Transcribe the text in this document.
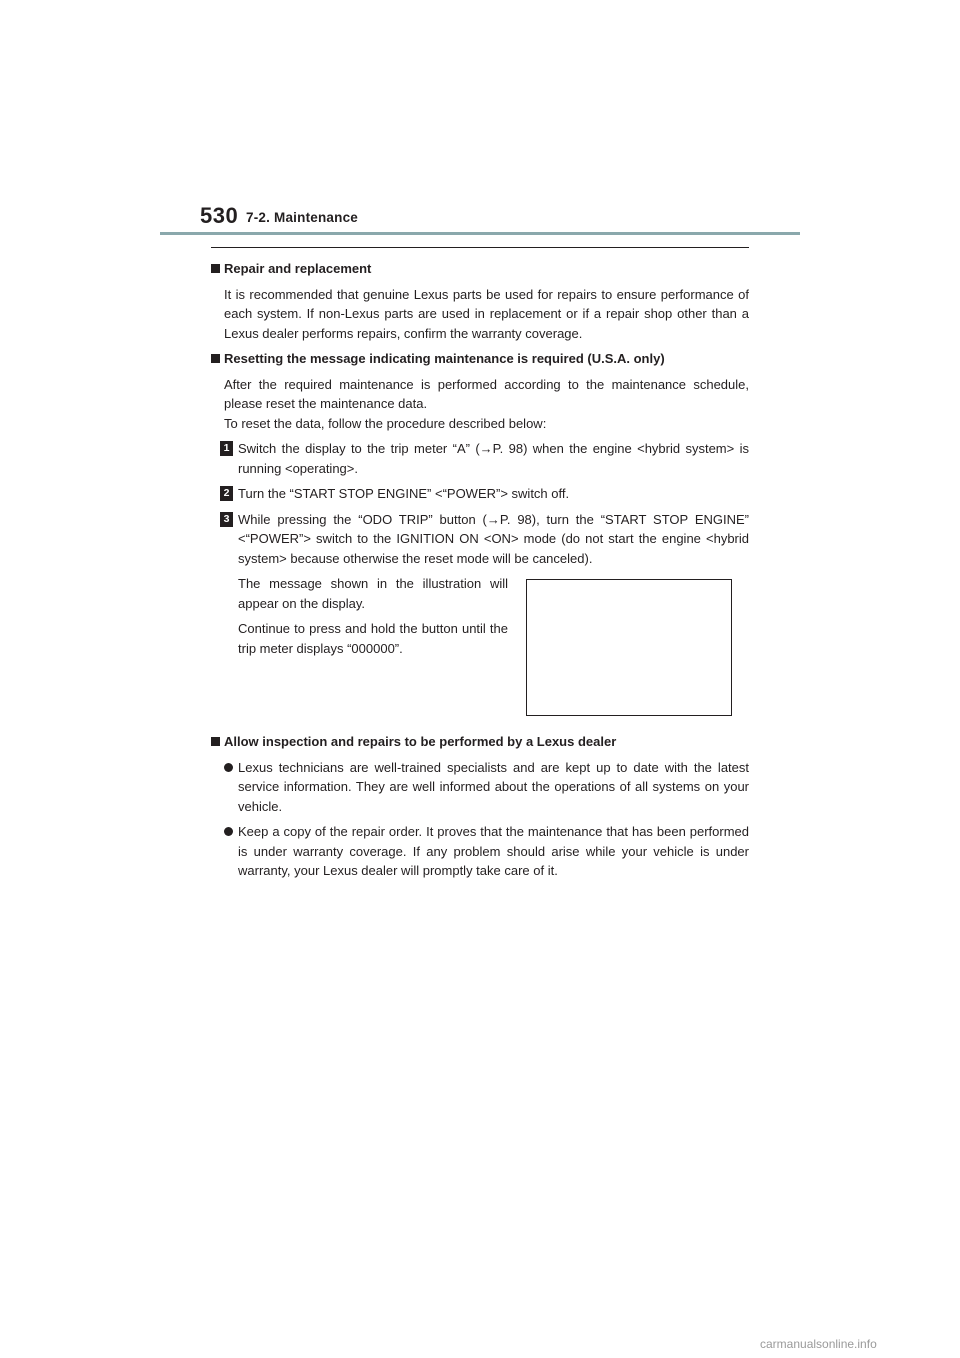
530 7-2. Maintenance

Repair and replacement

It is recommended that genuine Lexus parts be used for repairs to ensure performance of each system. If non-Lexus parts are used in replacement or if a repair shop other than a Lexus dealer performs repairs, confirm the warranty coverage.

Resetting the message indicating maintenance is required (U.S.A. only)

After the required maintenance is performed according to the maintenance schedule, please reset the maintenance data.

To reset the data, follow the procedure described below:

1 Switch the display to the trip meter “A” (→P. 98) when the engine <hybrid system> is running <operating>.
2 Turn the “START STOP ENGINE” <“POWER”> switch off.
3 While pressing the “ODO TRIP” button (→P. 98), turn the “START STOP ENGINE” <“POWER”> switch to the IGNITION ON <ON> mode (do not start the engine <hybrid system> because otherwise the reset mode will be canceled).
The message shown in the illustration will appear on the display.
Continue to press and hold the button until the trip meter displays “000000”.

Allow inspection and repairs to be performed by a Lexus dealer

Lexus technicians are well-trained specialists and are kept up to date with the latest service information. They are well informed about the operations of all systems on your vehicle.
Keep a copy of the repair order. It proves that the maintenance that has been performed is under warranty coverage. If any problem should arise while your vehicle is under warranty, your Lexus dealer will promptly take care of it.
carmanualsonline.info
